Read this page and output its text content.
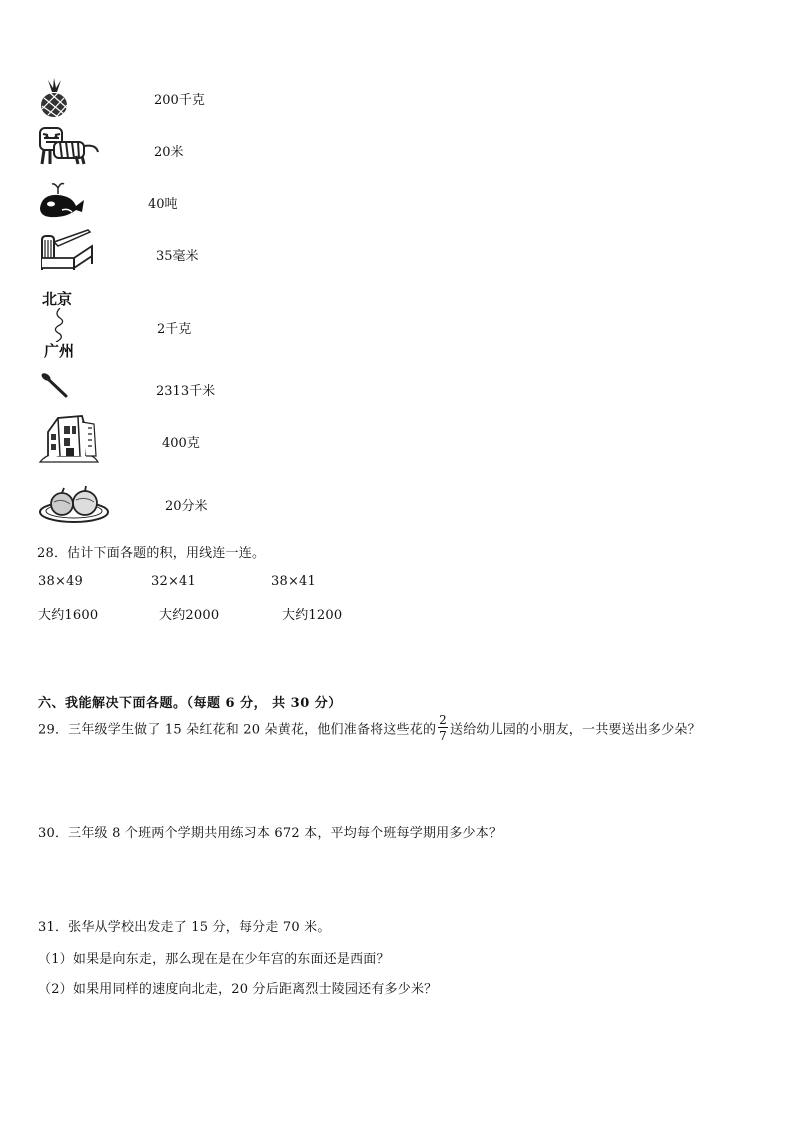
200千克
20米
40吨
35毫米
北京
广州
2千克
2313千米
400克
20分米
28．估计下面各题的积，用线连一连。
38×49	32×41	38×41
大约1600	大约2000	大约1200
六、我能解决下面各题。（每题 6 分， 共 30 分）
29．三年级学生做了 15 朵红花和 20 朵黄花，他们准备将这些花的 $\frac{2}{7}$ 送给幼儿园的小朋友，一共要送出多少朵？
30．三年级 8 个班两个学期共用练习本 672 本，平均每个班每学期用多少本？
31．张华从学校出发走了 15 分，每分走 70 米。
（1）如果是向东走，那么现在是在少年宫的东面还是西面？
（2）如果用同样的速度向北走，20 分后距离烈士陵园还有多少米？
